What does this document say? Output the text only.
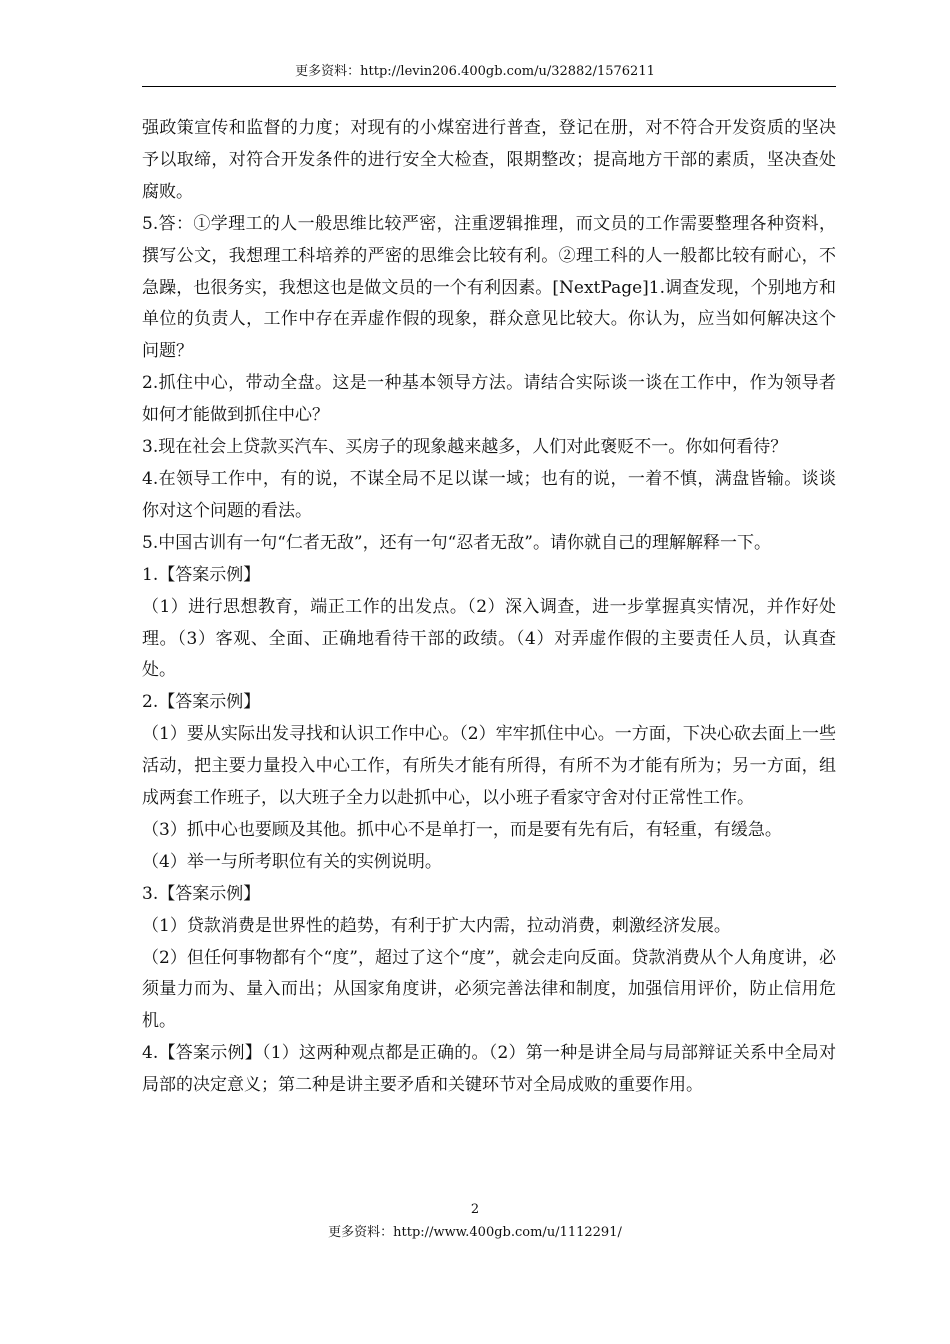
更多资料：http://levin206.400gb.com/u/32882/1576211

强政策宣传和监督的力度；对现有的小煤窑进行普查，登记在册，对不符合开发资质的坚决予以取缔，对符合开发条件的进行安全大检查，限期整改；提高地方干部的素质，坚决查处腐败。

5.答：①学理工的人一般思维比较严密，注重逻辑推理，而文员的工作需要整理各种资料，撰写公文，我想理工科培养的严密的思维会比较有利。②理工科的人一般都比较有耐心，不急躁，也很务实，我想这也是做文员的一个有利因素。[NextPage]1.调查发现，个别地方和单位的负责人，工作中存在弄虚作假的现象，群众意见比较大。你认为，应当如何解决这个问题？

2.抓住中心，带动全盘。这是一种基本领导方法。请结合实际谈一谈在工作中，作为领导者如何才能做到抓住中心？

3.现在社会上贷款买汽车、买房子的现象越来越多，人们对此褒贬不一。你如何看待？

4.在领导工作中，有的说，不谋全局不足以谋一域；也有的说，一着不慎，满盘皆输。谈谈你对这个问题的看法。

5.中国古训有一句“仁者无敌”，还有一句“忍者无敌”。请你就自己的理解解释一下。

1.【答案示例】

（1）进行思想教育，端正工作的出发点。（2）深入调查，进一步掌握真实情况，并作好处理。（3）客观、全面、正确地看待干部的政绩。（4）对弄虚作假的主要责任人员，认真查处。

2.【答案示例】

（1）要从实际出发寻找和认识工作中心。（2）牢牢抓住中心。一方面，下决心砍去面上一些活动，把主要力量投入中心工作，有所失才能有所得，有所不为才能有所为；另一方面，组成两套工作班子，以大班子全力以赴抓中心，以小班子看家守舍对付正常性工作。

（3）抓中心也要顾及其他。抓中心不是单打一，而是要有先有后，有轻重，有缓急。

（4）举一与所考职位有关的实例说明。

3.【答案示例】

（1）贷款消费是世界性的趋势，有利于扩大内需，拉动消费，刺激经济发展。

（2）但任何事物都有个“度”，超过了这个“度”，就会走向反面。贷款消费从个人角度讲，必须量力而为、量入而出；从国家角度讲，必须完善法律和制度，加强信用评价，防止信用危机。

4.【答案示例】（1）这两种观点都是正确的。（2）第一种是讲全局与局部辩证关系中全局对局部的决定意义；第二种是讲主要矛盾和关键环节对全局成败的重要作用。

2
更多资料：http://www.400gb.com/u/1112291/
